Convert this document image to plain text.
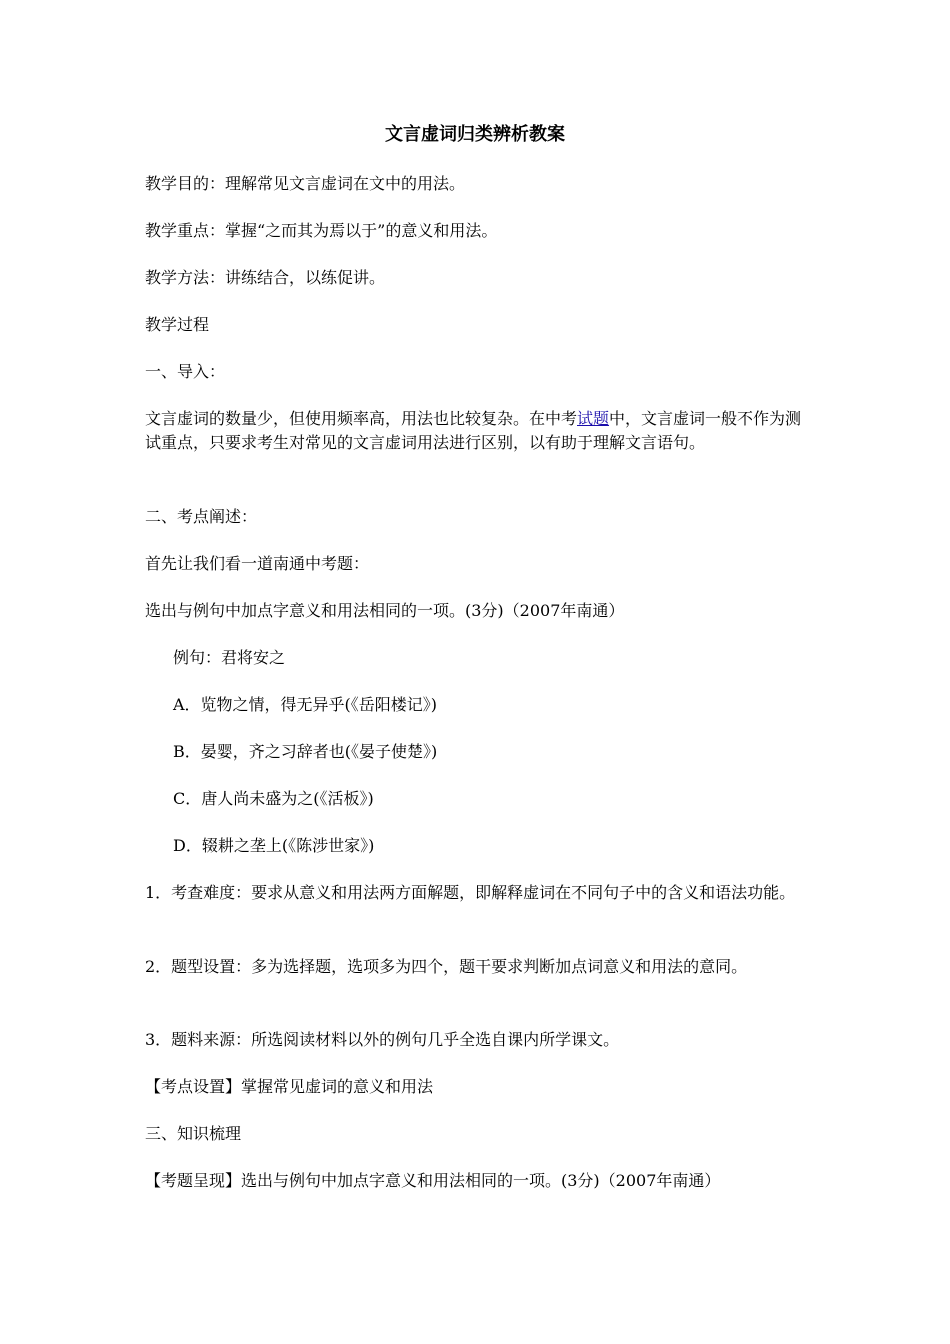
文言虚词归类辨析教案

教学目的：理解常见文言虚词在文中的用法。

教学重点：掌握“之而其为焉以于”的意义和用法。

教学方法：讲练结合，以练促讲。

教学过程

一、导入：

文言虚词的数量少，但使用频率高，用法也比较复杂。在中考试题中，文言虚词一般不作为测试重点，只要求考生对常见的文言虚词用法进行区别，以有助于理解文言语句。

二、考点阐述：

首先让我们看一道南通中考题：

选出与例句中加点字意义和用法相同的一项。(3分)（2007年南通）

例句：君将安之

A．览物之情，得无异乎(《岳阳楼记》)

B．晏婴，齐之习辞者也(《晏子使楚》)

C．唐人尚未盛为之(《活板》)

D．辍耕之垄上(《陈涉世家》)

1．考查难度：要求从意义和用法两方面解题，即解释虚词在不同句子中的含义和语法功能。

2．题型设置：多为选择题，选项多为四个，题干要求判断加点词意义和用法的意同。

3．题料来源：所选阅读材料以外的例句几乎全选自课内所学课文。

【考点设置】掌握常见虚词的意义和用法

三、知识梳理

【考题呈现】选出与例句中加点字意义和用法相同的一项。(3分)（2007年南通）
